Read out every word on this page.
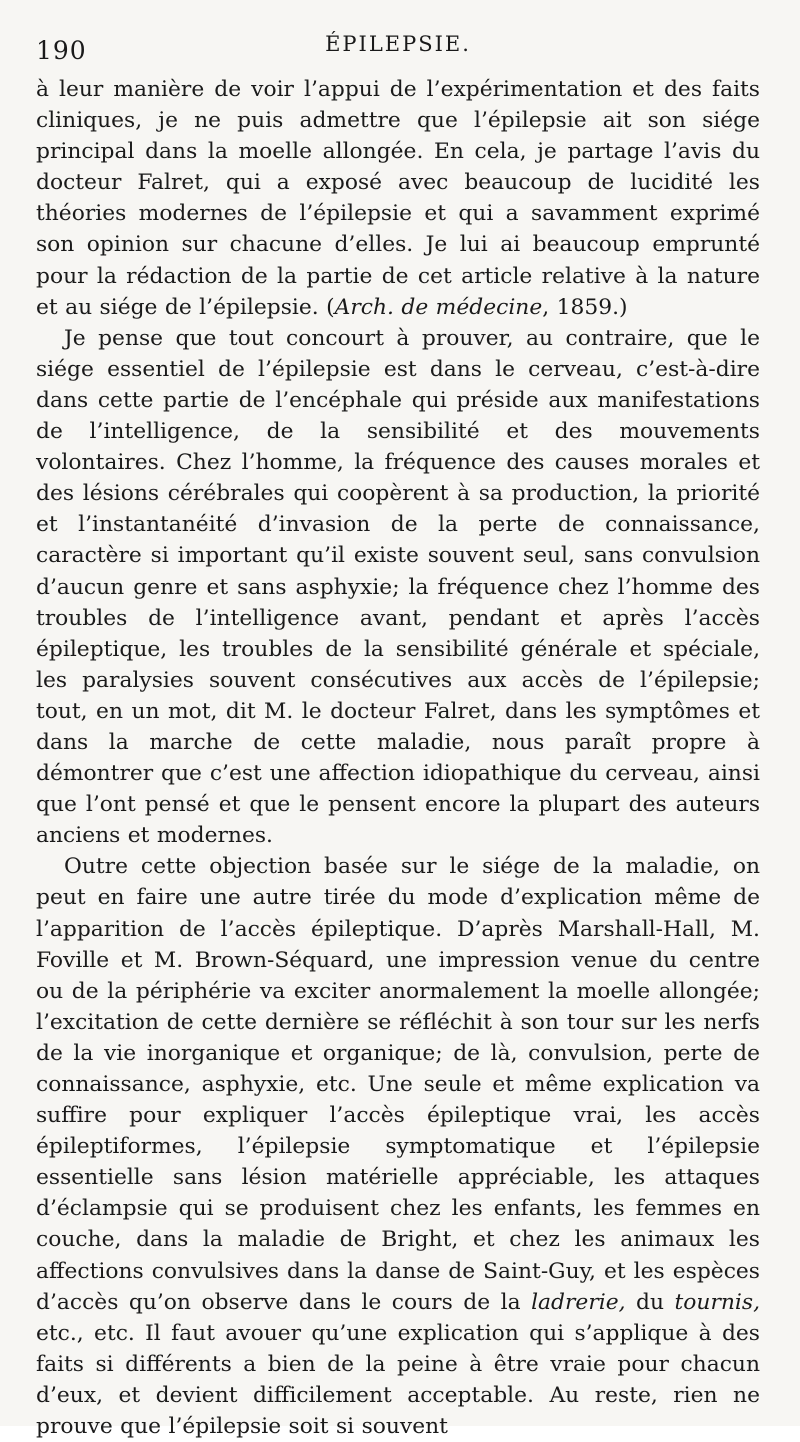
190	ÉPILEPSIE.

à leur manière de voir l’appui de l’expérimentation et des faits cliniques, je ne puis admettre que l’épilepsie ait son siége principal dans la moelle allongée. En cela, je partage l’avis du docteur Falret, qui a exposé avec beaucoup de lucidité les théories modernes de l’épilepsie et qui a savamment exprimé son opinion sur chacune d’elles. Je lui ai beaucoup emprunté pour la rédaction de la partie de cet article relative à la nature et au siége de l’épilepsie. (Arch. de médecine, 1859.)

Je pense que tout concourt à prouver, au contraire, que le siége essentiel de l’épilepsie est dans le cerveau, c’est-à-dire dans cette partie de l’encéphale qui préside aux manifestations de l’intelligence, de la sensibilité et des mouvements volontaires. Chez l’homme, la fréquence des causes morales et des lésions cérébrales qui coopèrent à sa production, la priorité et l’instantanéité d’invasion de la perte de connaissance, caractère si important qu’il existe souvent seul, sans convulsion d’aucun genre et sans asphyxie; la fréquence chez l’homme des troubles de l’intelligence avant, pendant et après l’accès épileptique, les troubles de la sensibilité générale et spéciale, les paralysies souvent consécutives aux accès de l’épilepsie; tout, en un mot, dit M. le docteur Falret, dans les symptômes et dans la marche de cette maladie, nous paraît propre à démontrer que c’est une affection idiopathique du cerveau, ainsi que l’ont pensé et que le pensent encore la plupart des auteurs anciens et modernes.

Outre cette objection basée sur le siége de la maladie, on peut en faire une autre tirée du mode d’explication même de l’apparition de l’accès épileptique. D’après Marshall-Hall, M. Foville et M. Brown-Séquard, une impression venue du centre ou de la périphérie va exciter anormalement la moelle allongée; l’excitation de cette dernière se réfléchit à son tour sur les nerfs de la vie inorganique et organique; de là, convulsion, perte de connaissance, asphyxie, etc. Une seule et même explication va suffire pour expliquer l’accès épileptique vrai, les accès épileptiformes, l’épilepsie symptomatique et l’épilepsie essentielle sans lésion matérielle appréciable, les attaques d’éclampsie qui se produisent chez les enfants, les femmes en couche, dans la maladie de Bright, et chez les animaux les affections convulsives dans la danse de Saint-Guy, et les espèces d’accès qu’on observe dans le cours de la ladrerie, du tournis, etc., etc. Il faut avouer qu’une explication qui s’applique à des faits si différents a bien de la peine à être vraie pour chacun d’eux, et devient difficilement acceptable. Au reste, rien ne prouve que l’épilepsie soit si souvent
